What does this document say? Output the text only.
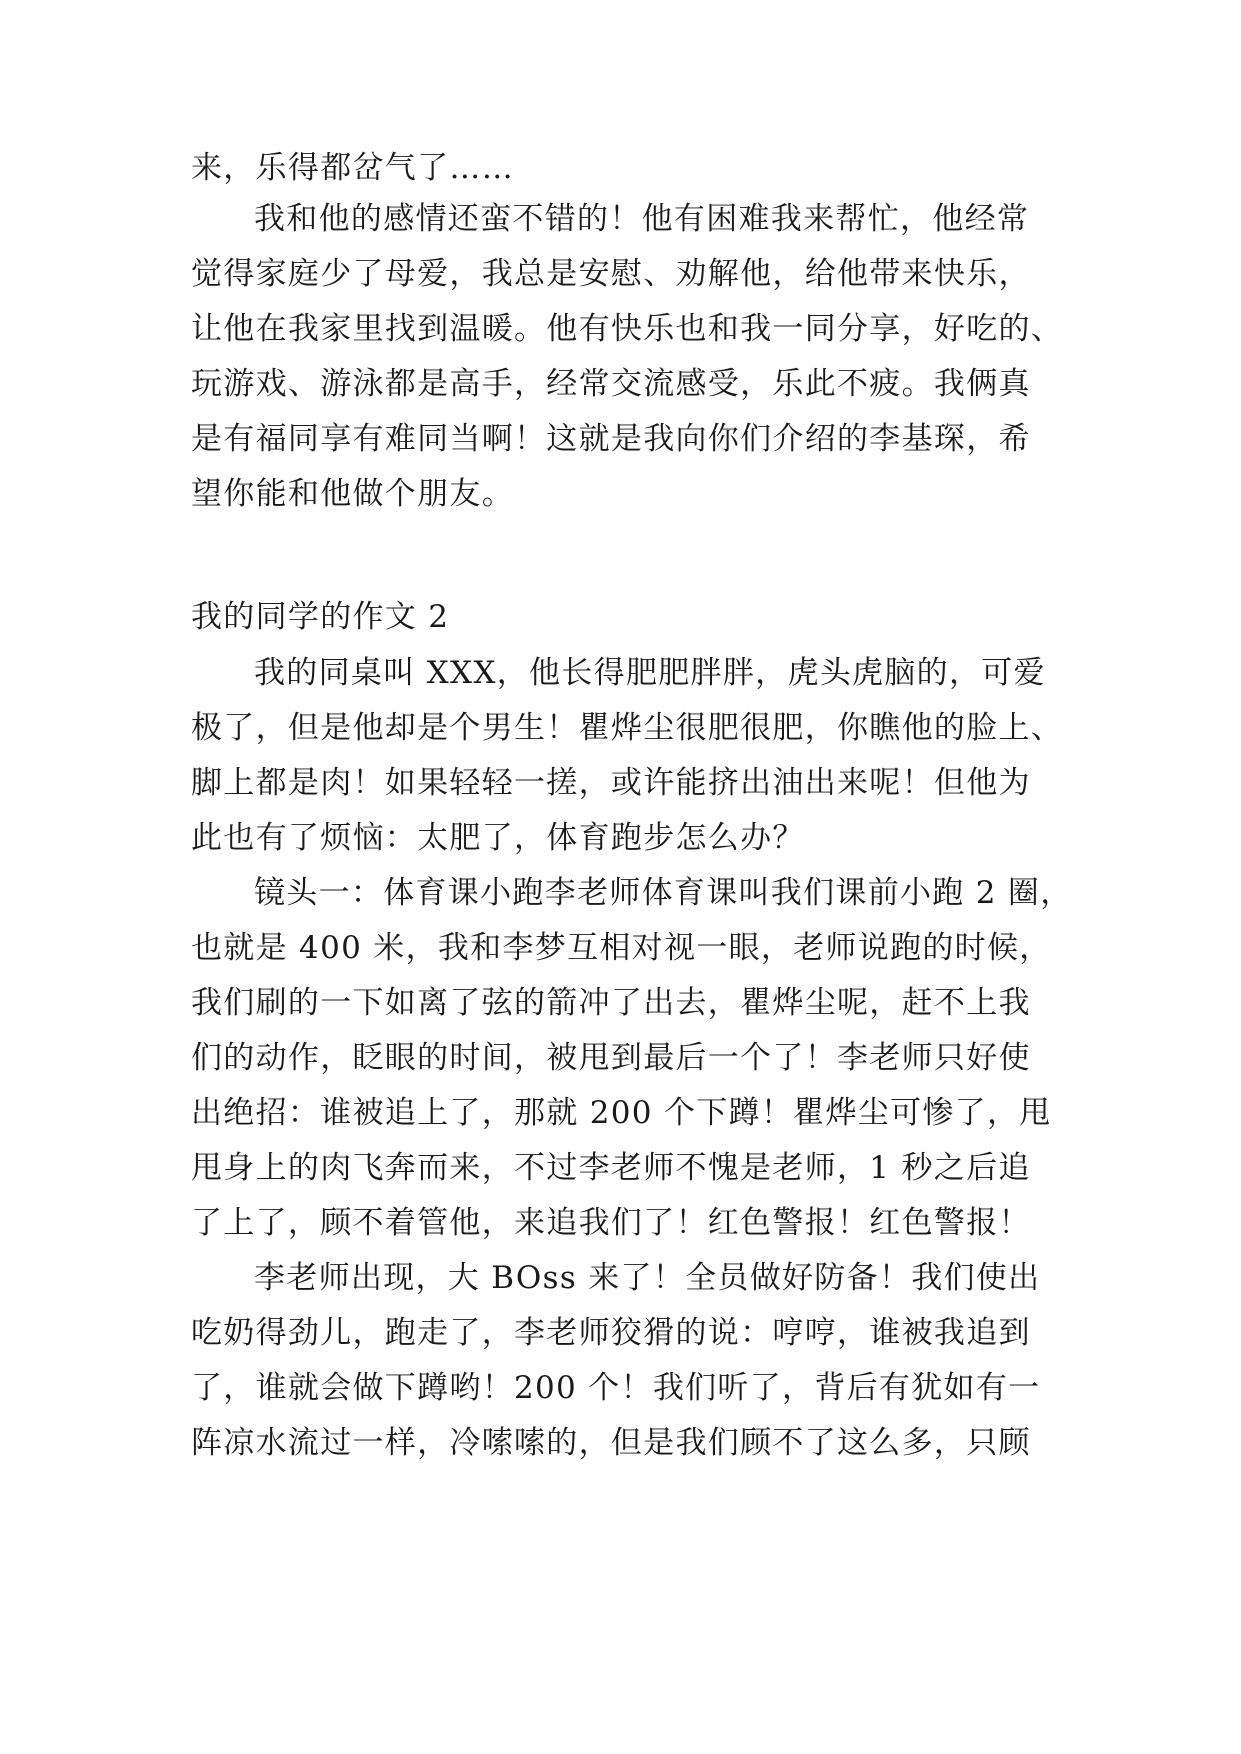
来，乐得都岔气了……
我和他的感情还蛮不错的！他有困难我来帮忙，他经常
觉得家庭少了母爱，我总是安慰、劝解他，给他带来快乐，
让他在我家里找到温暖。他有快乐也和我一同分享，好吃的、
玩游戏、游泳都是高手，经常交流感受，乐此不疲。我俩真
是有福同享有难同当啊！这就是我向你们介绍的李基琛，希
望你能和他做个朋友。
我的同学的作文 2
我的同桌叫 XXX，他长得肥肥胖胖，虎头虎脑的，可爱
极了，但是他却是个男生！瞿烨尘很肥很肥，你瞧他的脸上、
脚上都是肉！如果轻轻一搓，或许能挤出油出来呢！但他为
此也有了烦恼：太肥了，体育跑步怎么办？
镜头一：体育课小跑李老师体育课叫我们课前小跑 2 圈，
也就是 400 米，我和李梦互相对视一眼，老师说跑的时候，
我们刷的一下如离了弦的箭冲了出去，瞿烨尘呢，赶不上我
们的动作，眨眼的时间，被甩到最后一个了！李老师只好使
出绝招：谁被追上了，那就 200 个下蹲！瞿烨尘可惨了，甩
甩身上的肉飞奔而来，不过李老师不愧是老师，1 秒之后追
了上了，顾不着管他，来追我们了！红色警报！红色警报！
李老师出现，大 BOss 来了！全员做好防备！我们使出
吃奶得劲儿，跑走了，李老师狡猾的说：哼哼，谁被我追到
了，谁就会做下蹲哟！200 个！我们听了，背后有犹如有一
阵凉水流过一样，冷嗦嗦的，但是我们顾不了这么多，只顾
